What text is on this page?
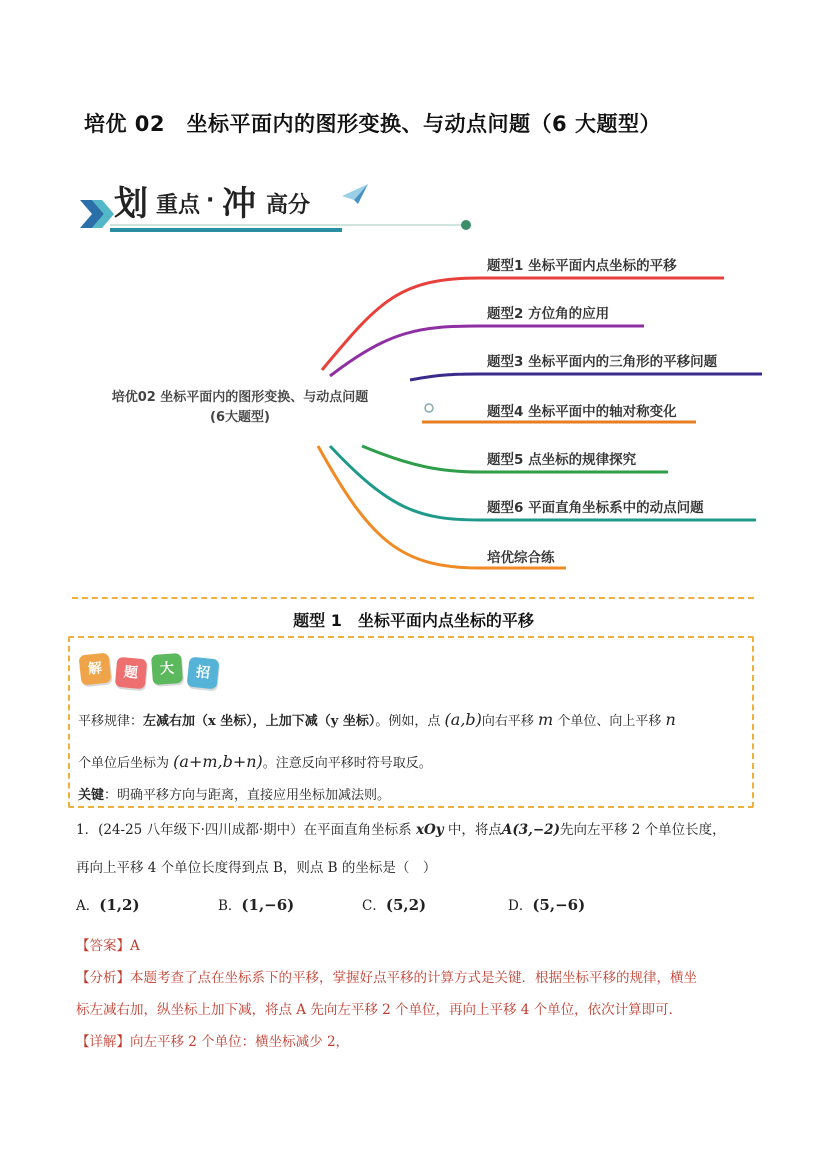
培优 02　坐标平面内的图形变换、与动点问题（6 大题型）
划 重点 · 冲 高分
培优02 坐标平面内的图形变换、与动点问题
(6大题型)
题型1 坐标平面内点坐标的平移
题型2 方位角的应用
题型3 坐标平面内的三角形的平移问题
题型4 坐标平面中的轴对称变化
题型5 点坐标的规律探究
题型6 平面直角坐标系中的动点问题
培优综合练
题型 1　坐标平面内点坐标的平移
解	题	大	招
平移规律：左减右加（x 坐标），上加下减（y 坐标）。例如，点 (a,b)向右平移 m 个单位、向上平移 n
个单位后坐标为 (a+m,b+n)。注意反向平移时符号取反。
关键：明确平移方向与距离，直接应用坐标加减法则。
1．(24-25 八年级下·四川成都·期中）在平面直角坐标系 xOy 中，将点A(3,−2)先向左平移 2 个单位长度，
再向上平移 4 个单位长度得到点 B，则点 B 的坐标是（　）
A．(1,2)	B．(1,−6)	C．(5,2)	D．(5,−6)
【答案】A
【分析】本题考查了点在坐标系下的平移，掌握好点平移的计算方式是关键．根据坐标平移的规律，横坐
标左减右加，纵坐标上加下减，将点 A 先向左平移 2 个单位，再向上平移 4 个单位，依次计算即可．
【详解】向左平移 2 个单位：横坐标减少 2，
